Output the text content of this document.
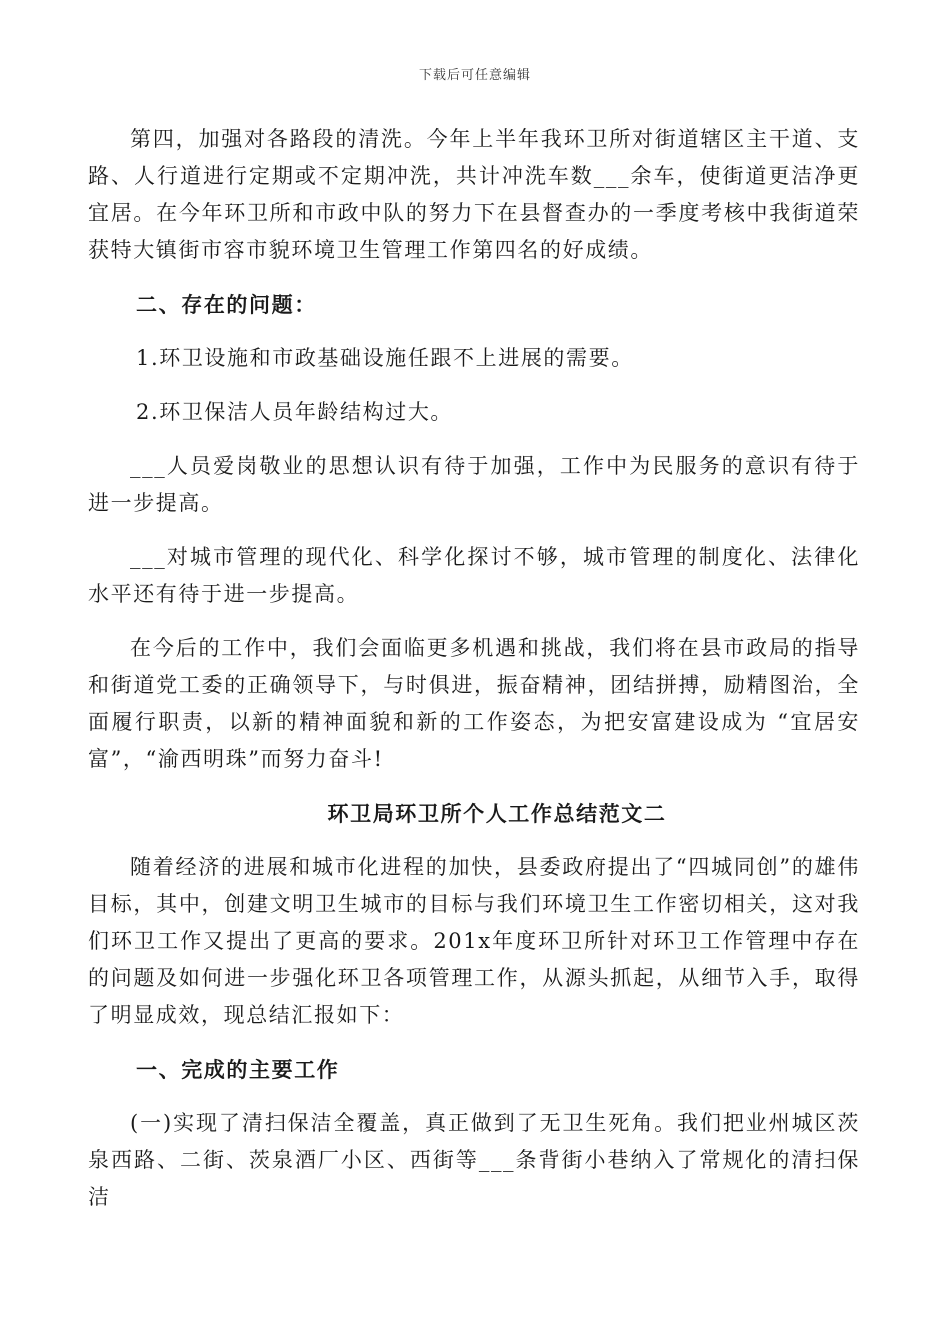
下载后可任意编辑

第四，加强对各路段的清洗。今年上半年我环卫所对街道辖区主干道、支路、人行道进行定期或不定期冲洗，共计冲洗车数___余车，使街道更洁净更宜居。在今年环卫所和市政中队的努力下在县督查办的一季度考核中我街道荣获特大镇街市容市貌环境卫生管理工作第四名的好成绩。

二、存在的问题：

1.环卫设施和市政基础设施任跟不上进展的需要。

2.环卫保洁人员年龄结构过大。

___人员爱岗敬业的思想认识有待于加强，工作中为民服务的意识有待于进一步提高。

___对城市管理的现代化、科学化探讨不够，城市管理的制度化、法律化水平还有待于进一步提高。

在今后的工作中，我们会面临更多机遇和挑战，我们将在县市政局的指导和街道党工委的正确领导下，与时俱进，振奋精神，团结拼搏，励精图治，全面履行职责，以新的精神面貌和新的工作姿态，为把安富建设成为 “宜居安富”，“渝西明珠”而努力奋斗!

环卫局环卫所个人工作总结范文二

随着经济的进展和城市化进程的加快，县委政府提出了“四城同创”的雄伟目标，其中，创建文明卫生城市的目标与我们环境卫生工作密切相关，这对我们环卫工作又提出了更高的要求。201x年度环卫所针对环卫工作管理中存在的问题及如何进一步强化环卫各项管理工作，从源头抓起，从细节入手，取得了明显成效，现总结汇报如下：

一、完成的主要工作

(一)实现了清扫保洁全覆盖，真正做到了无卫生死角。我们把业州城区茨泉西路、二街、茨泉酒厂小区、西街等___条背街小巷纳入了常规化的清扫保洁
